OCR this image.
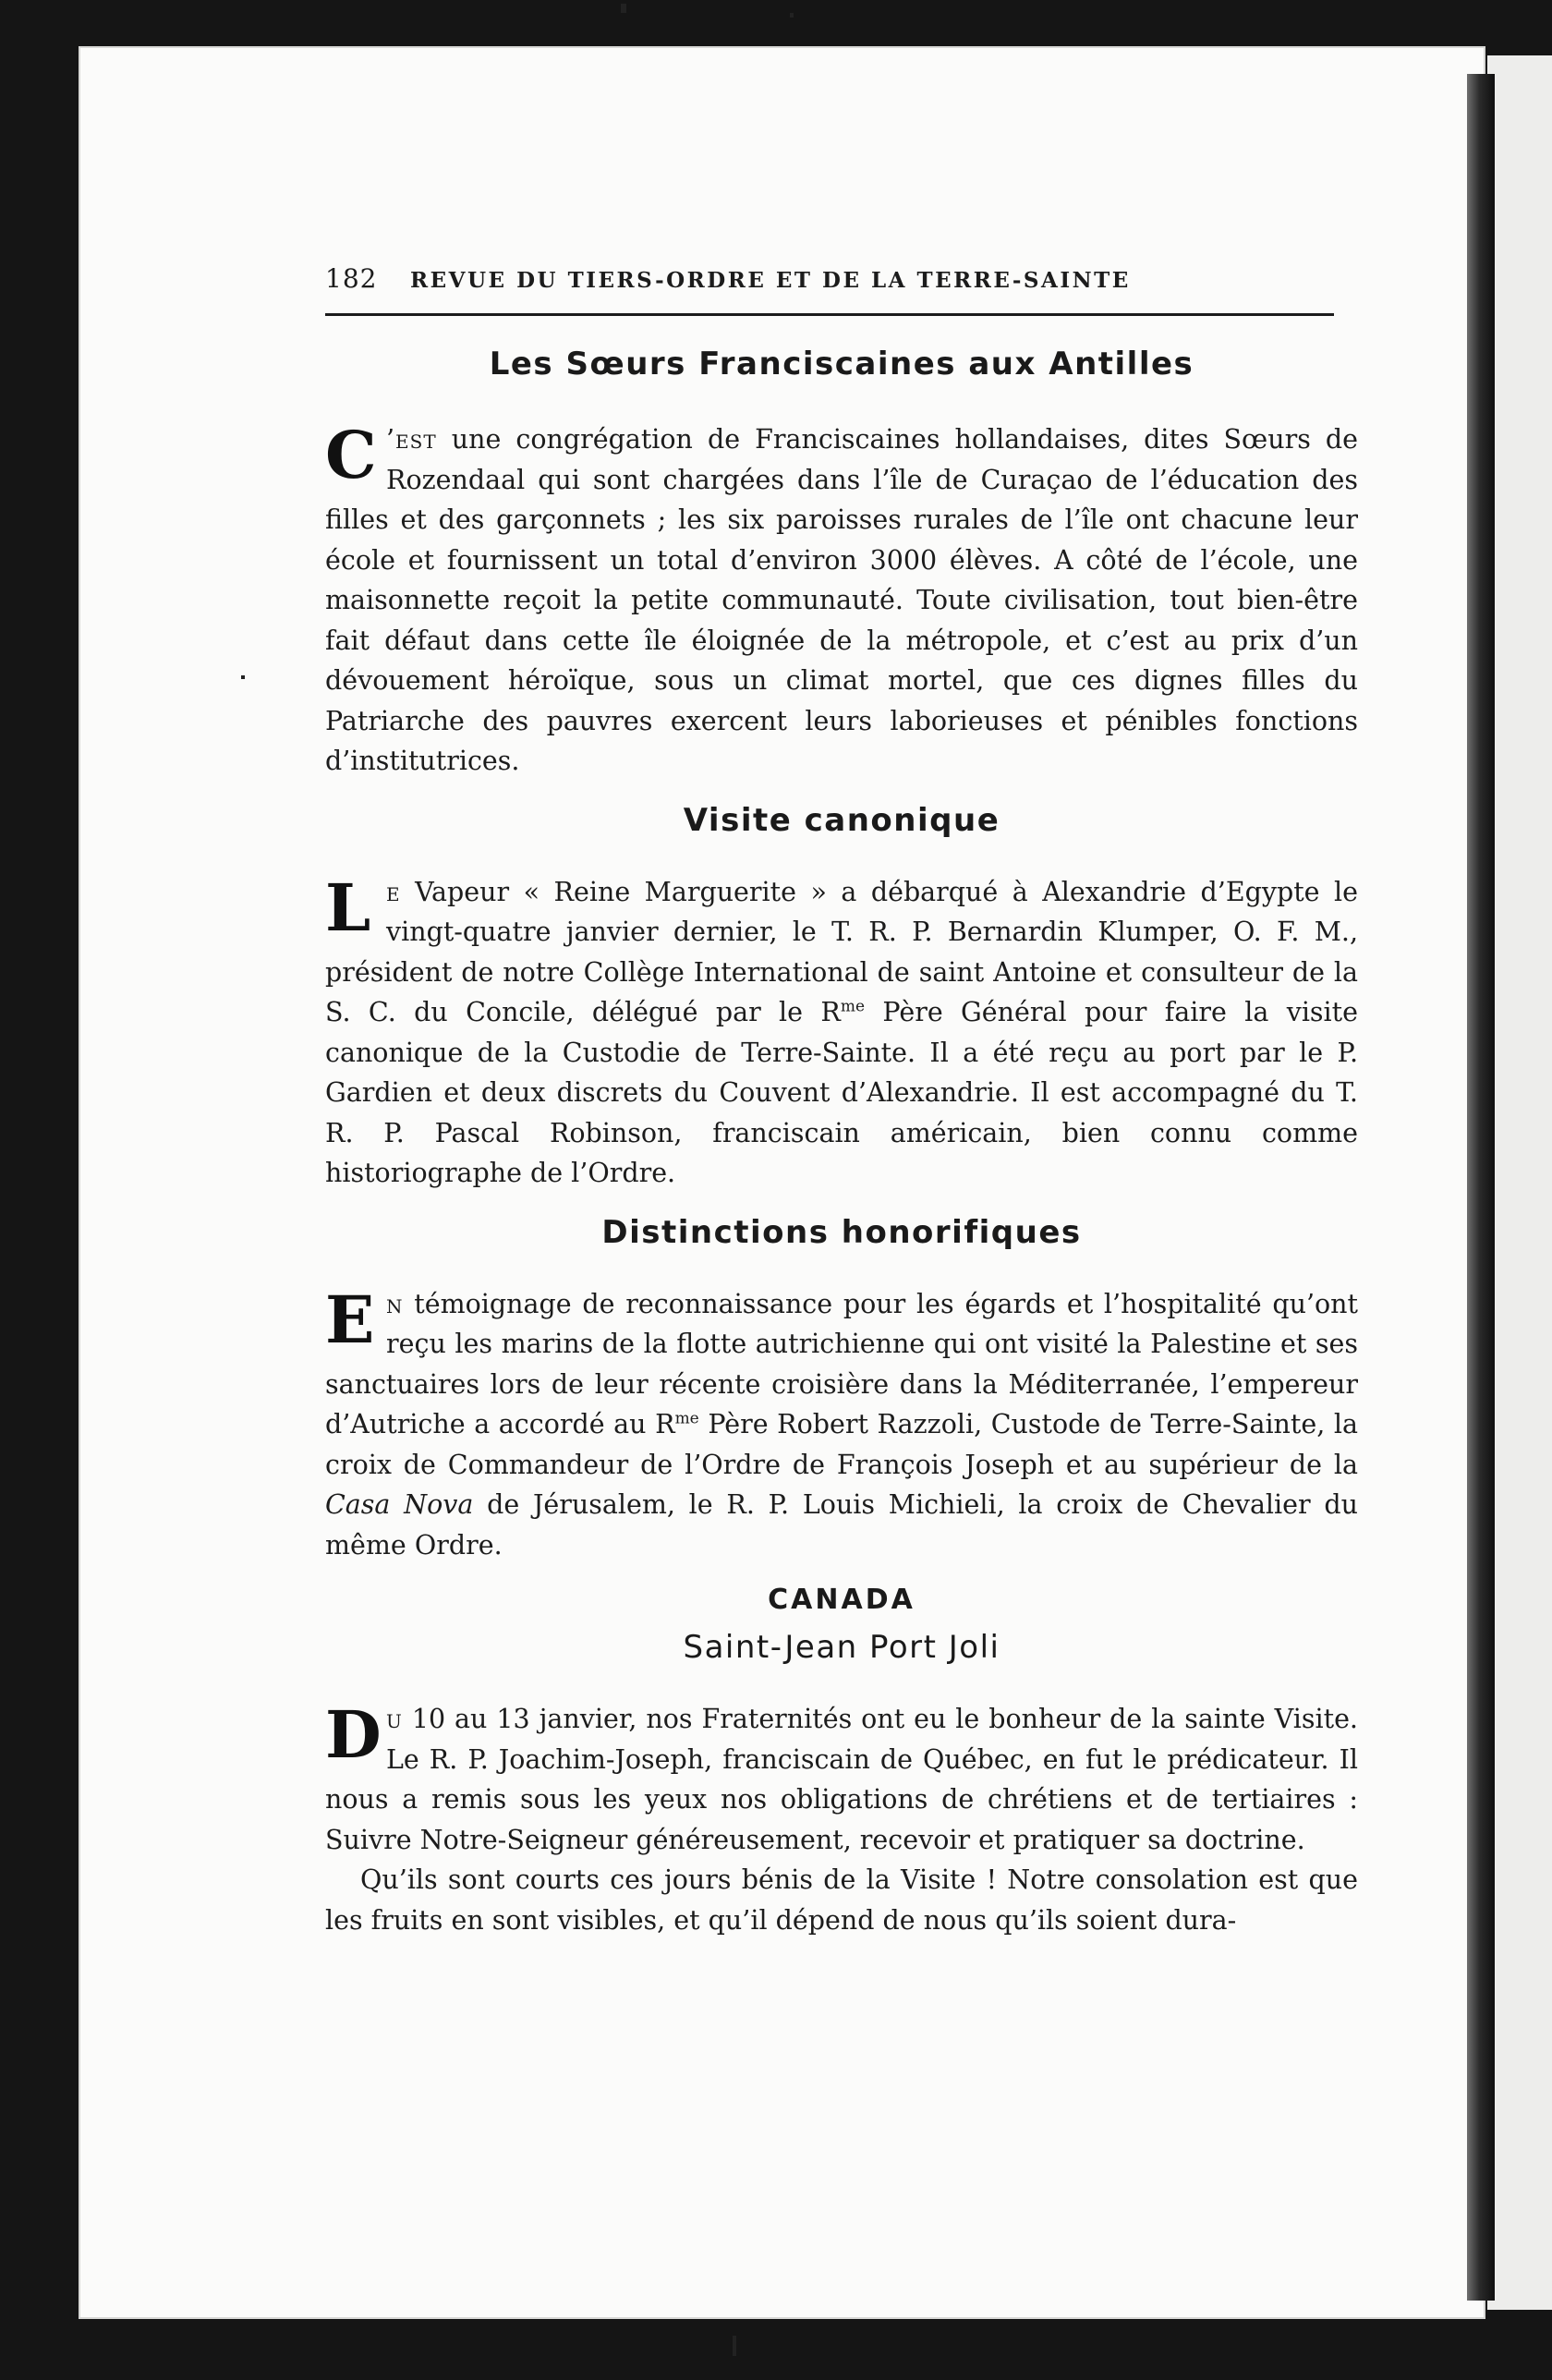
182	REVUE DU TIERS-ORDRE ET DE LA TERRE-SAINTE
Les Sœurs Franciscaines aux Antilles

C ’est une congrégation de Franciscaines hollandaises, dites Sœurs de Rozendaal qui sont chargées dans l’île de Curaçao de l’éducation des filles et des garçonnets ; les six paroisses rurales de l’île ont chacune leur école et fournissent un total d’environ 3000 élèves. A côté de l’école, une maisonnette reçoit la petite communauté. Toute civilisation, tout bien-être fait défaut dans cette île éloignée de la métropole, et c’est au prix d’un dévouement héroïque, sous un climat mortel, que ces dignes filles du Patriarche des pauvres exercent leurs laborieuses et pénibles fonctions d’institutrices.

Visite canonique

Le Vapeur « Reine Marguerite » a débarqué à Alexandrie d’Egypte le vingt-quatre janvier dernier, le T. R. P. Bernardin Klumper, O. F. M., président de notre Collège International de saint Antoine et consulteur de la S. C. du Concile, délégué par le $R^{me}$ Père Général pour faire la visite canonique de la Custodie de Terre-Sainte. Il a été reçu au port par le P. Gardien et deux discrets du Couvent d’Alexandrie. Il est accompagné du T. R. P. Pascal Robinson, franciscain américain, bien connu comme historiographe de l’Ordre.

Distinctions honorifiques

En témoignage de reconnaissance pour les égards et l’hospitalité qu’ont reçu les marins de la flotte autrichienne qui ont visité la Palestine et ses sanctuaires lors de leur récente croisière dans la Méditerranée, l’empereur d’Autriche a accordé au $R^{me}$ Père Robert Razzoli, Custode de Terre-Sainte, la croix de Commandeur de l’Ordre de François Joseph et au supérieur de la Casa Nova de Jérusalem, le R. P. Louis Michieli, la croix de Chevalier du même Ordre.

CANADA
Saint-Jean Port Joli

Du 10 au 13 janvier, nos Fraternités ont eu le bonheur de la sainte Visite. Le R. P. Joachim-Joseph, franciscain de Québec, en fut le prédicateur. Il nous a remis sous les yeux nos obligations de chrétiens et de tertiaires : Suivre Notre-Seigneur généreusement, recevoir et pratiquer sa doctrine.

Qu’ils sont courts ces jours bénis de la Visite ! Notre consolation est que les fruits en sont visibles, et qu’il dépend de nous qu’ils soient dura-
